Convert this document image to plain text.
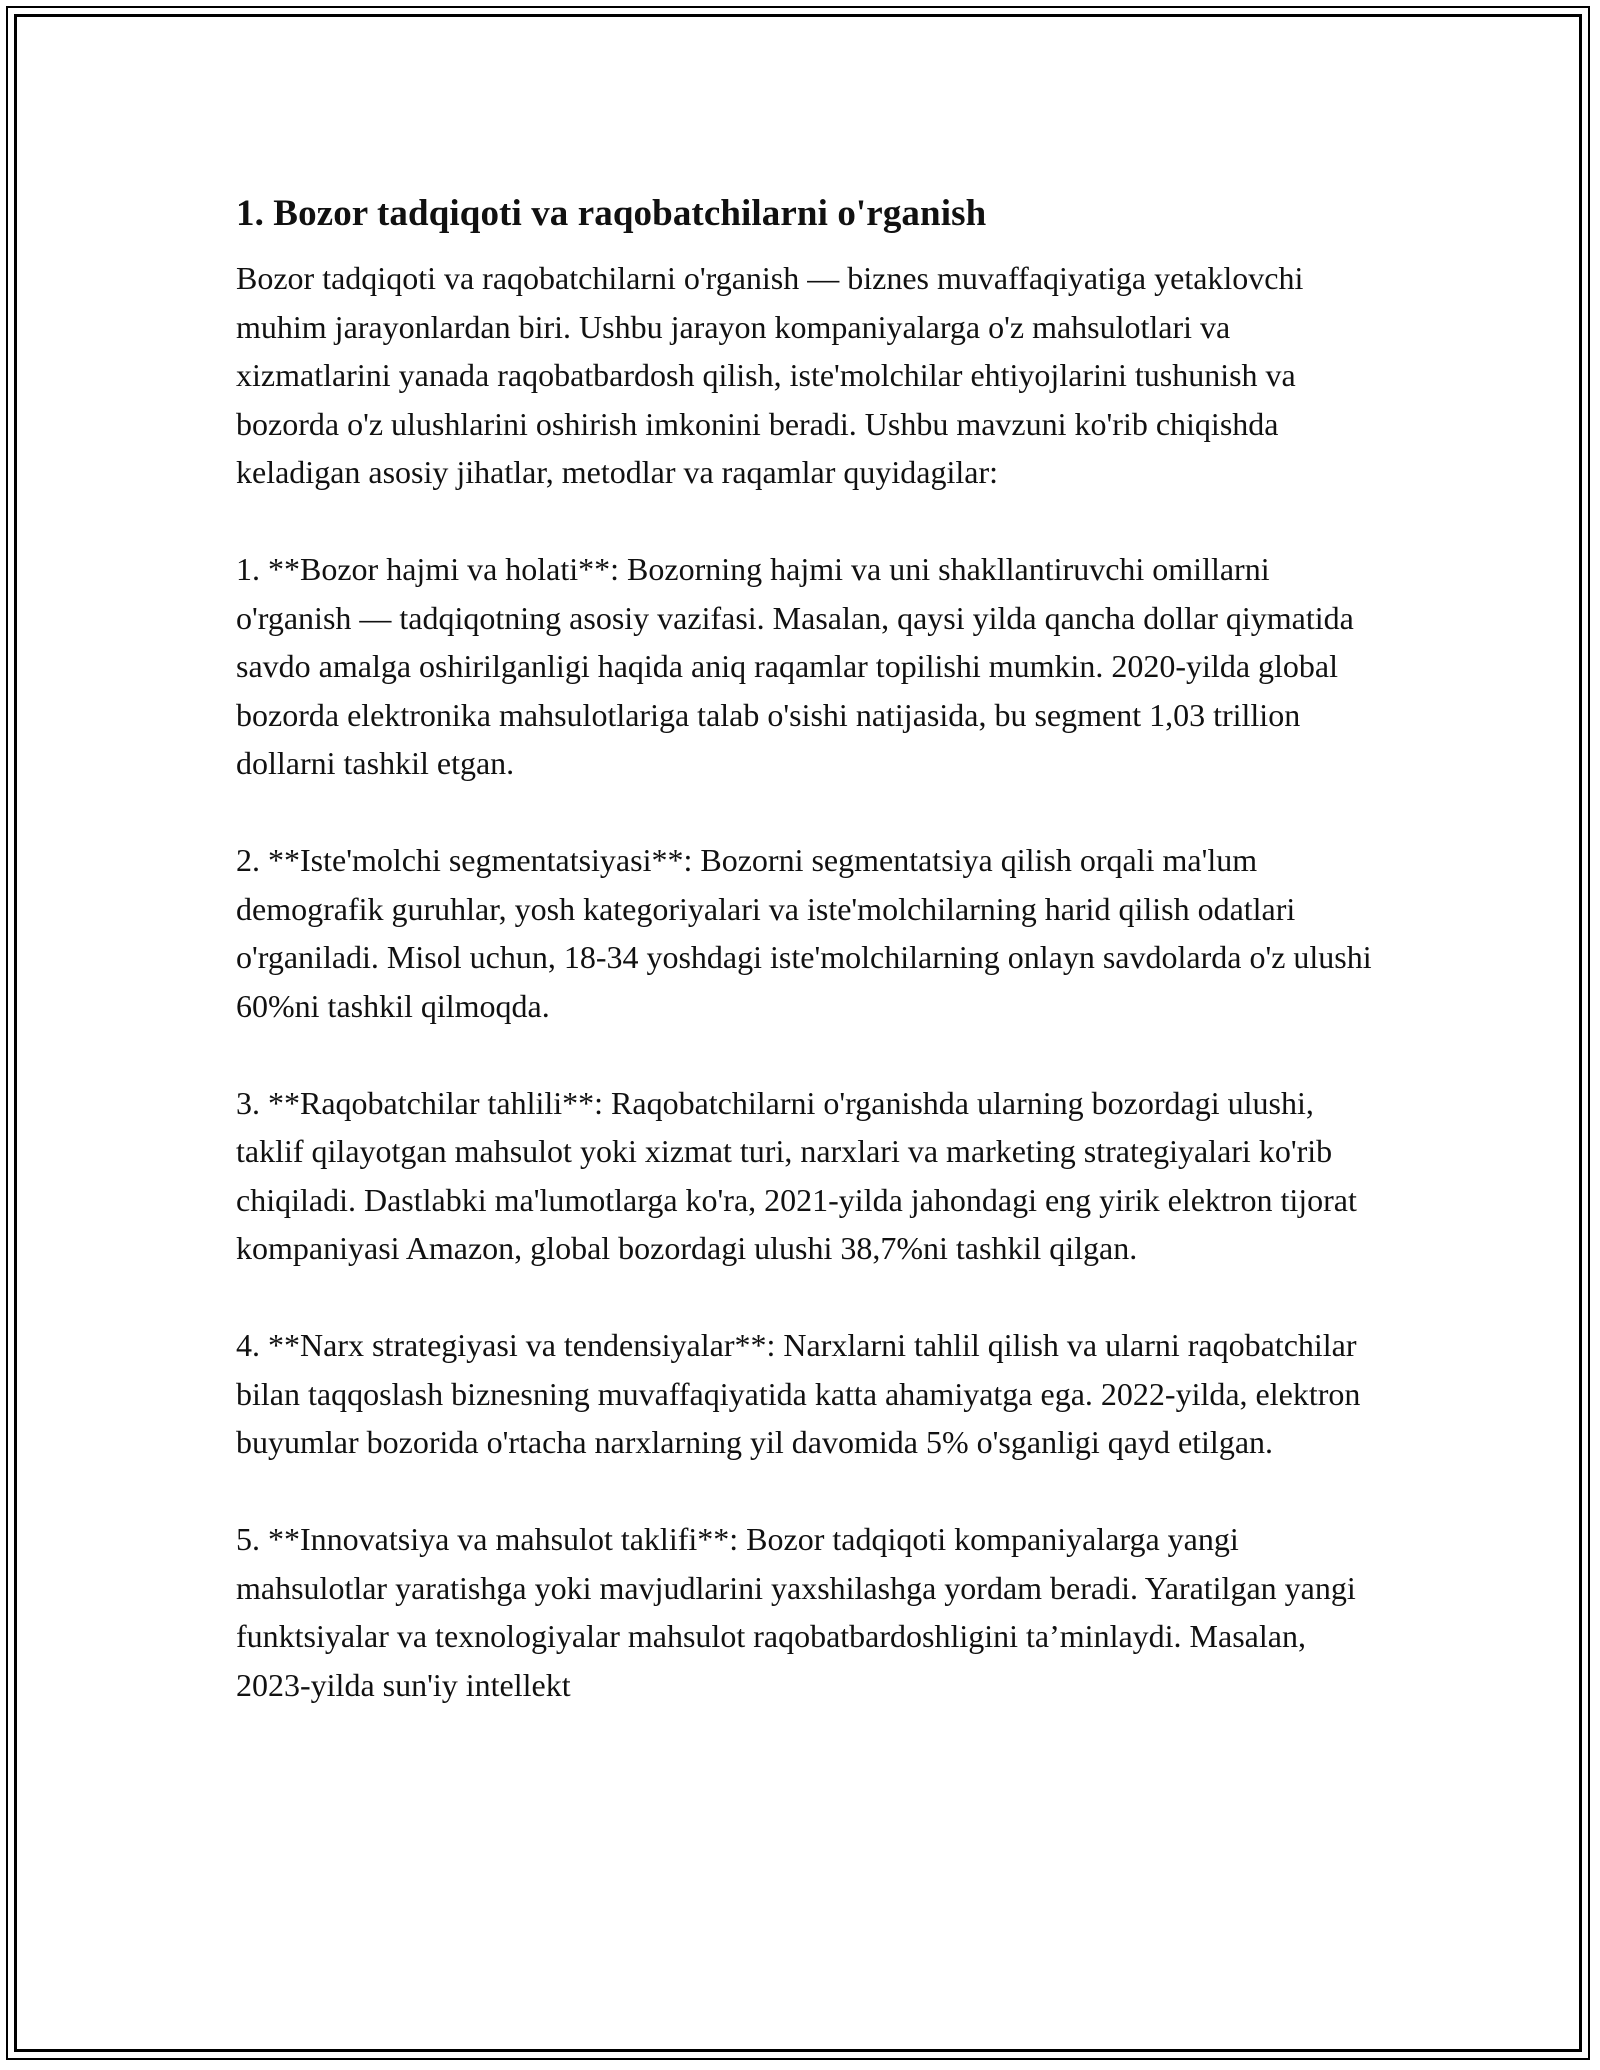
1. Bozor tadqiqoti va raqobatchilarni o'rganish

Bozor tadqiqoti va raqobatchilarni o'rganish — biznes muvaffaqiyatiga yetaklovchi muhim jarayonlardan biri. Ushbu jarayon kompaniyalarga o'z mahsulotlari va xizmatlarini yanada raqobatbardosh qilish, iste'molchilar ehtiyojlarini tushunish va bozorda o'z ulushlarini oshirish imkonini beradi. Ushbu mavzuni ko'rib chiqishda keladigan asosiy jihatlar, metodlar va raqamlar quyidagilar:

1. **Bozor hajmi va holati**: Bozorning hajmi va uni shakllantiruvchi omillarni o'rganish — tadqiqotning asosiy vazifasi. Masalan, qaysi yilda qancha dollar qiymatida savdo amalga oshirilganligi haqida aniq raqamlar topilishi mumkin. 2020-yilda global bozorda elektronika mahsulotlariga talab o'sishi natijasida, bu segment 1,03 trillion dollarni tashkil etgan.

2. **Iste'molchi segmentatsiyasi**: Bozorni segmentatsiya qilish orqali ma'lum demografik guruhlar, yosh kategoriyalari va iste'molchilarning harid qilish odatlari o'rganiladi. Misol uchun, 18-34 yoshdagi iste'molchilarning onlayn savdolarda o'z ulushi 60%ni tashkil qilmoqda.

3. **Raqobatchilar tahlili**: Raqobatchilarni o'rganishda ularning bozordagi ulushi, taklif qilayotgan mahsulot yoki xizmat turi, narxlari va marketing strategiyalari ko'rib chiqiladi. Dastlabki ma'lumotlarga ko'ra, 2021-yilda jahondagi eng yirik elektron tijorat kompaniyasi Amazon, global bozordagi ulushi 38,7%ni tashkil qilgan.

4. **Narx strategiyasi va tendensiyalar**: Narxlarni tahlil qilish va ularni raqobatchilar bilan taqqoslash biznesning muvaffaqiyatida katta ahamiyatga ega. 2022-yilda, elektron buyumlar bozorida o'rtacha narxlarning yil davomida 5% o'sganligi qayd etilgan.

5. **Innovatsiya va mahsulot taklifi**: Bozor tadqiqoti kompaniyalarga yangi mahsulotlar yaratishga yoki mavjudlarini yaxshilashga yordam beradi. Yaratilgan yangi funktsiyalar va texnologiyalar mahsulot raqobatbardoshligini ta’minlaydi. Masalan, 2023-yilda sun'iy intellekt
